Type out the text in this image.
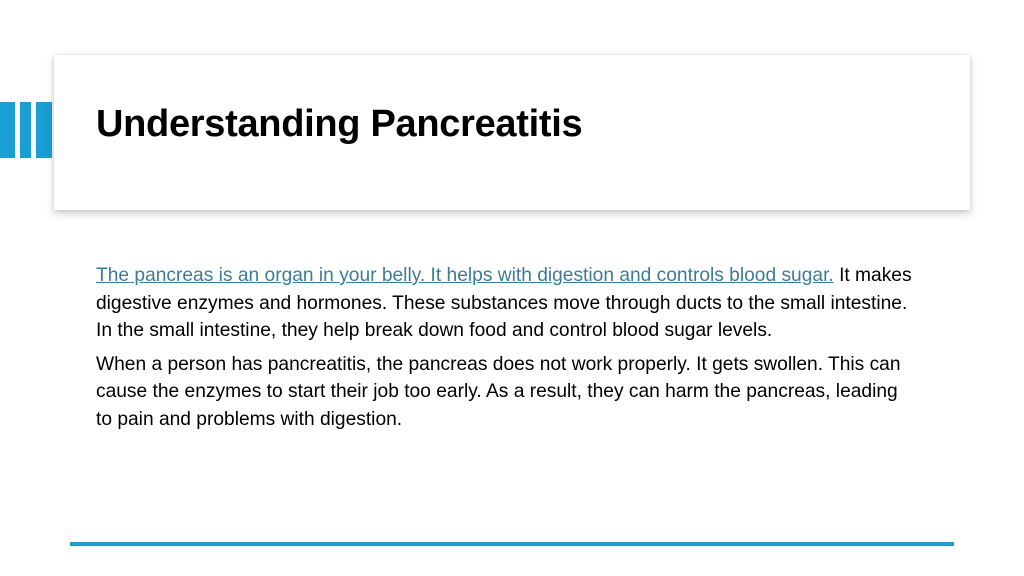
Understanding Pancreatitis

The pancreas is an organ in your belly. It helps with digestion and controls blood sugar. It makes digestive enzymes and hormones. These substances move through ducts to the small intestine. In the small intestine, they help break down food and control blood sugar levels.

When a person has pancreatitis, the pancreas does not work properly. It gets swollen. This can cause the enzymes to start their job too early. As a result, they can harm the pancreas, leading to pain and problems with digestion.
